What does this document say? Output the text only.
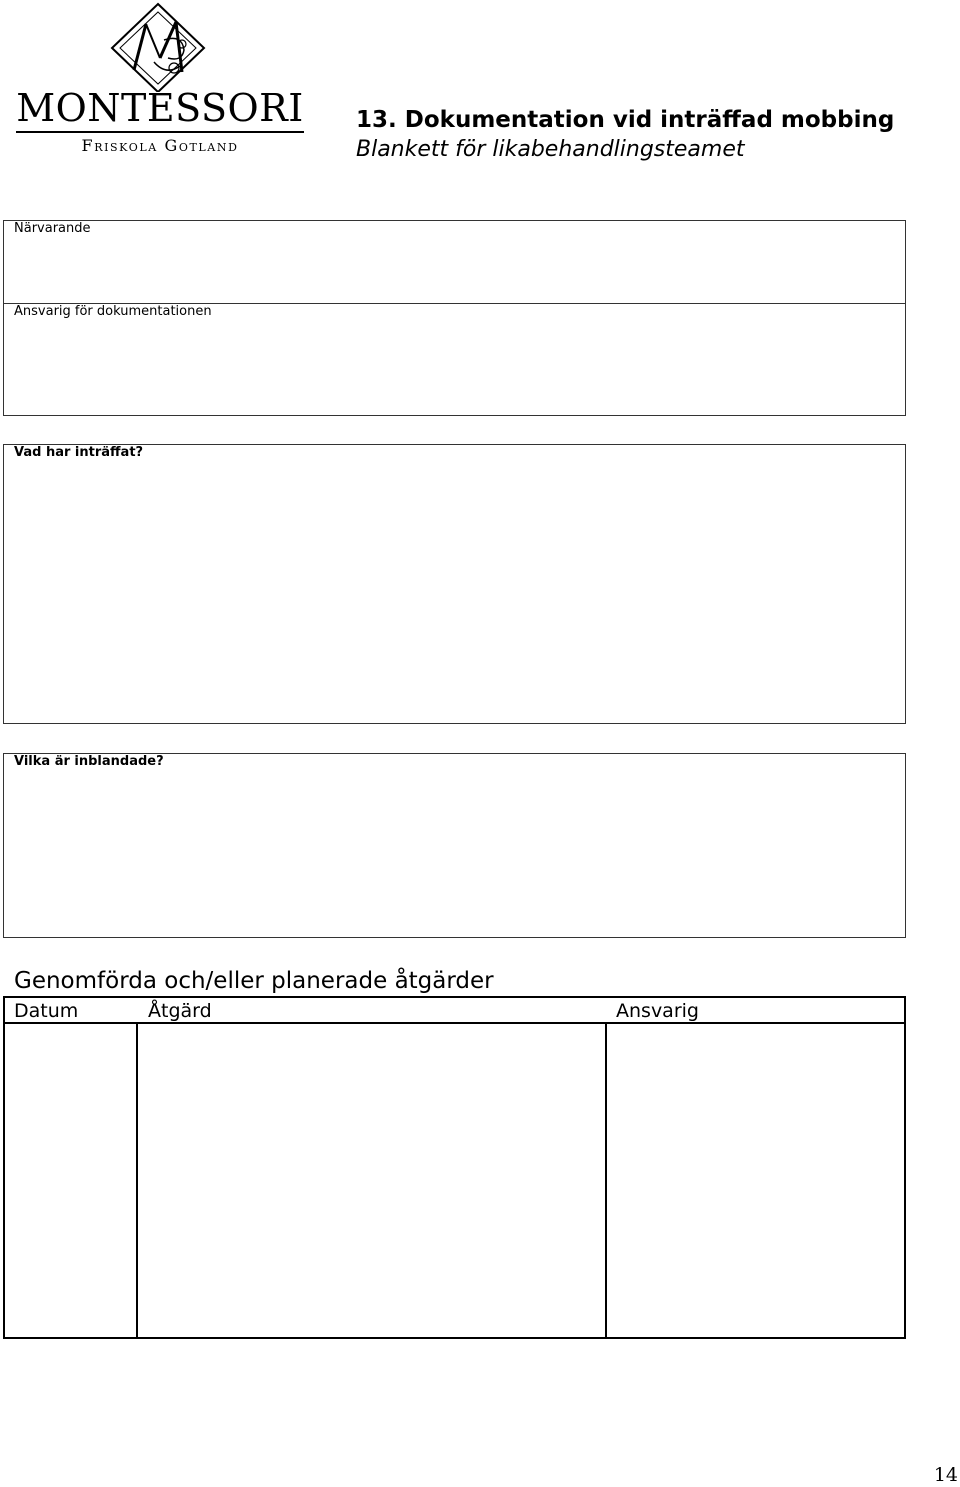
MONTESSORI
Friskola Gotland
13. Dokumentation vid inträffad mobbing
Blankett för likabehandlingsteamet
Närvarande
Ansvarig för dokumentationen
Vad har inträffat?
Vilka är inblandade?
Genomförda och/eller planerade åtgärder
Datum	Åtgärd	Ansvarig
14
